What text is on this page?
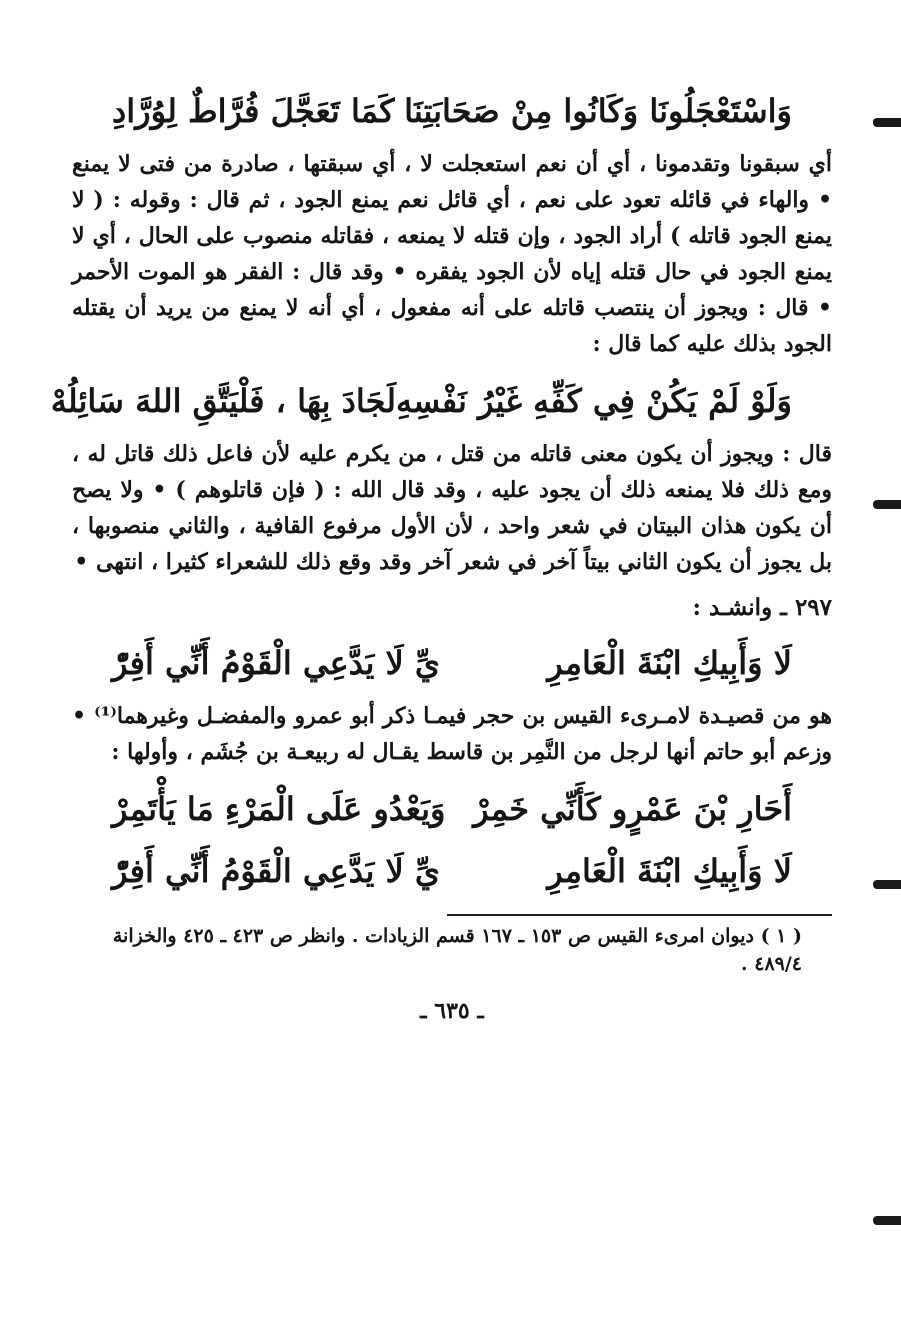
وَاسْتَعْجَلُونَا وَكَانُوا مِنْ صَحَابَتِنَا
كَمَا تَعَجَّلَ فُرَّاطٌ لِوُرَّادِ

أي سبقونا وتقدمونا ، أي أن نعم استعجلت لا ، أي سبقتها ، صادرة من فتى لا يمنع • والهاء في قائله تعود على نعم ، أي قائل نعم يمنع الجود ، ثم قال : وقوله : ( لا يمنع الجود قاتله ) أراد الجود ، وإن قتله لا يمنعه ، فقاتله منصوب على الحال ، أي لا يمنع الجود في حال قتله إياه لأن الجود يفقره • وقد قال : الفقر هو الموت الأحمر • قال : ويجوز أن ينتصب قاتله على أنه مفعول ، أي أنه لا يمنع من يريد أن يقتله الجود بذلك عليه كما قال :

وَلَوْ لَمْ يَكُنْ فِي كَفِّهِ غَيْرُ نَفْسِهِ
لَجَادَ بِهَا ، فَلْيَتَّقِ اللهَ سَائِلُهْ

قال : ويجوز أن يكون معنى قاتله من قتل ، من يكرم عليه لأن فاعل ذلك قاتل له ، ومع ذلك فلا يمنعه ذلك أن يجود عليه ، وقد قال الله : ( فإن قاتلوهم ) • ولا يصح أن يكون هذان البيتان في شعر واحد ، لأن الأول مرفوع القافية ، والثاني منصوبها ، بل يجوز أن يكون الثاني بيتاً آخر في شعر آخر وقد وقع ذلك للشعراء كثيرا ، انتهى •

٢٩٧ ـ وانشـد :
لَا وَأَبِيكِ ابْنَةَ الْعَامِرِ
يِّ لَا يَدَّعِي الْقَوْمُ أَنِّي أَفِرّْ

هو من قصيـدة لامـرىء القيس بن حجر فيمـا ذكر أبو عمرو والمفضـل وغيرهما⁽¹⁾ • وزعم أبو حاتم أنها لرجل من النَّمِر بن قاسط يقـال له ربيعـة بن جُشَم ، وأولها :

أَحَارِ بْنَ عَمْرٍو كَأَنِّي خَمِرْ
وَيَعْدُو عَلَى الْمَرْءِ مَا يَأْتَمِرْ
لَا وَأَبِيكِ ابْنَةَ الْعَامِرِ
يِّ لَا يَدَّعِي الْقَوْمُ أَنِّي أَفِرّْ
( ١ ) ديوان امرىء القيس ص ١٥٣ ـ ١٦٧ قسم الزيادات . وانظر ص ٤٢٣ ـ ٤٢٥ والخزانة ٤٨٩/٤ .
ـ ٦٣٥ ـ
